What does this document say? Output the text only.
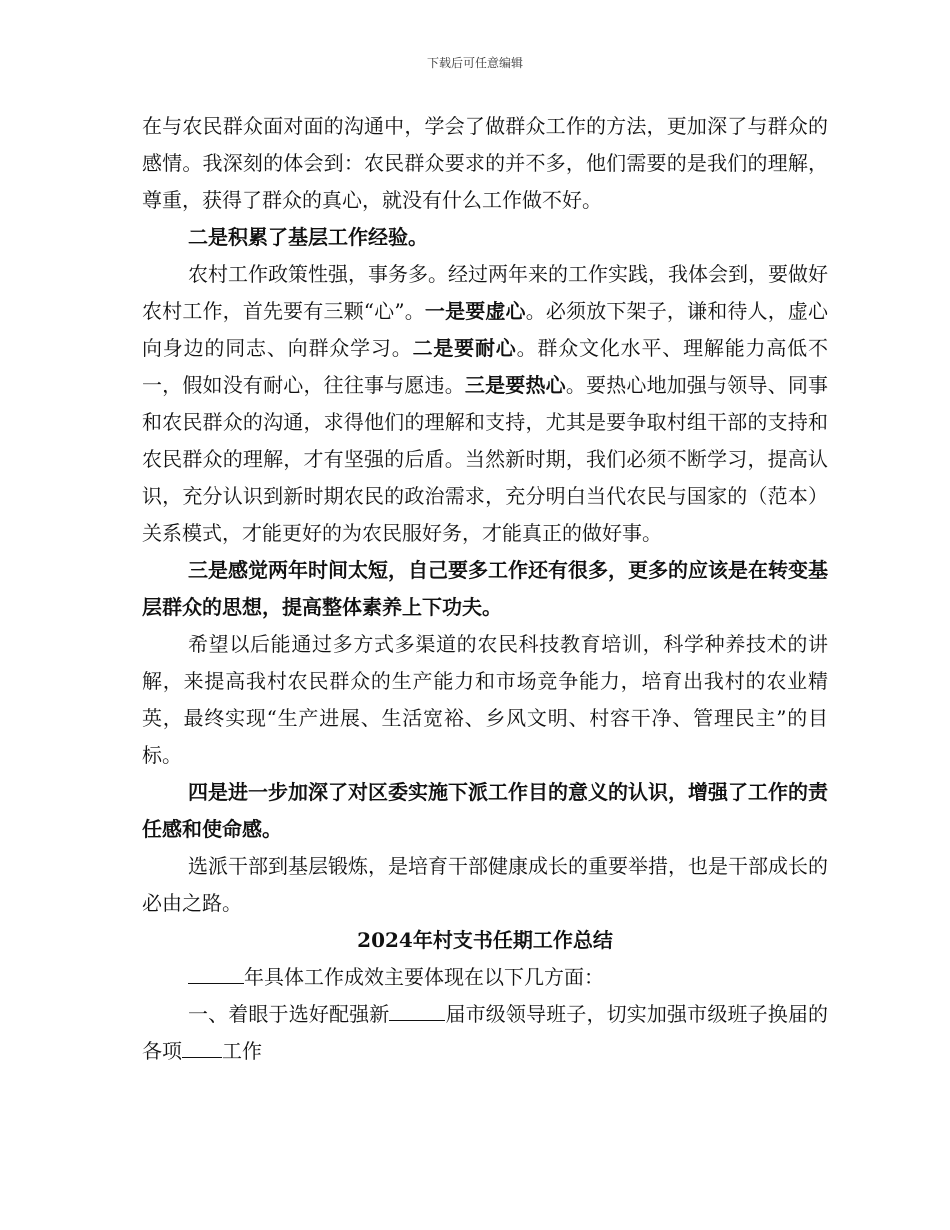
下载后可任意编辑

在与农民群众面对面的沟通中，学会了做群众工作的方法，更加深了与群众的感情。我深刻的体会到：农民群众要求的并不多，他们需要的是我们的理解，尊重，获得了群众的真心，就没有什么工作做不好。

二是积累了基层工作经验。

农村工作政策性强，事务多。经过两年来的工作实践，我体会到，要做好农村工作，首先要有三颗“心”。一是要虚心。必须放下架子，谦和待人，虚心向身边的同志、向群众学习。二是要耐心。群众文化水平、理解能力高低不一，假如没有耐心，往往事与愿违。三是要热心。要热心地加强与领导、同事和农民群众的沟通，求得他们的理解和支持，尤其是要争取村组干部的支持和农民群众的理解，才有坚强的后盾。当然新时期，我们必须不断学习，提高认识，充分认识到新时期农民的政治需求，充分明白当代农民与国家的（范本）关系模式，才能更好的为农民服好务，才能真正的做好事。

三是感觉两年时间太短，自己要多工作还有很多，更多的应该是在转变基层群众的思想，提高整体素养上下功夫。

希望以后能通过多方式多渠道的农民科技教育培训，科学种养技术的讲解，来提高我村农民群众的生产能力和市场竞争能力，培育出我村的农业精英，最终实现“生产进展、生活宽裕、乡风文明、村容干净、管理民主”的目标。

四是进一步加深了对区委实施下派工作目的意义的认识，增强了工作的责任感和使命感。

选派干部到基层锻炼，是培育干部健康成长的重要举措，也是干部成长的必由之路。

2024年村支书任期工作总结

年具体工作成效主要体现在以下几方面：

一、着眼于选好配强新	届市级领导班子，切实加强市级班子换届的各项 工作
